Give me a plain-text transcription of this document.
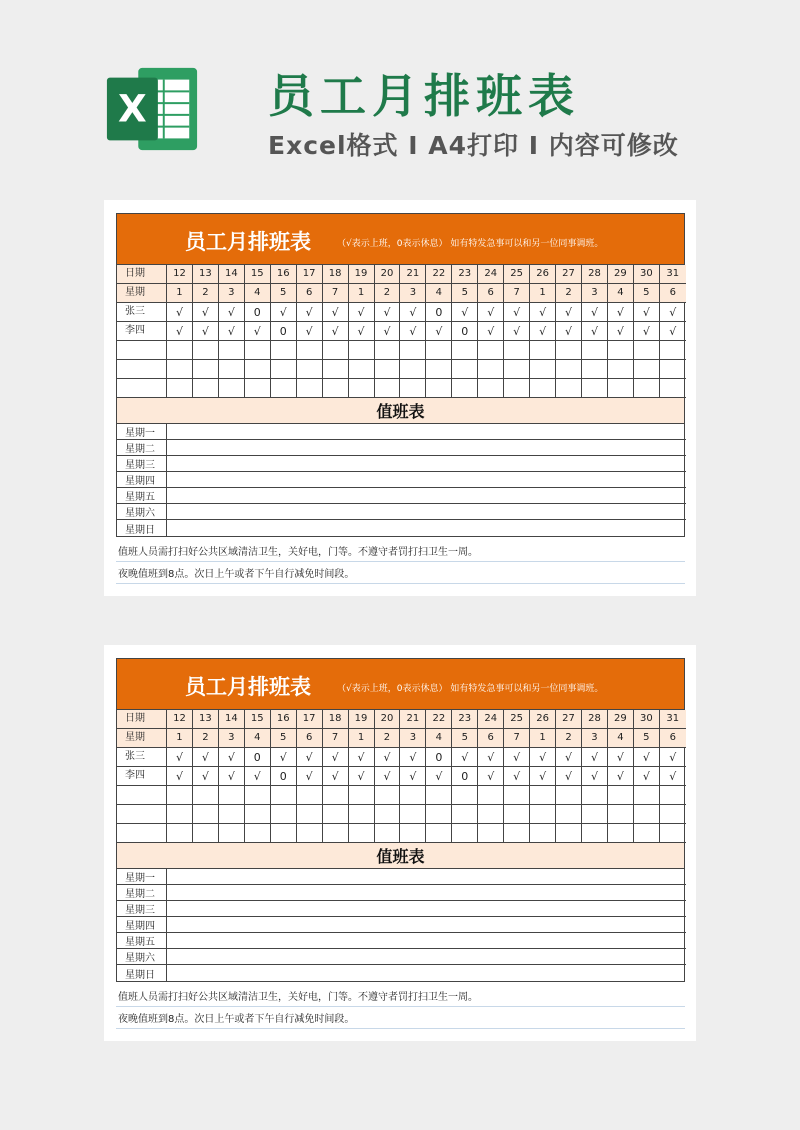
X	员工月排班表
Excel格式 I A4打印 I 内容可修改
员工月排班表	（√表示上班，0表示休息） 如有特发急事可以和另一位同事调班。
日期	12	13	14	15	16	17	18	19	20	21	22	23	24	25	26	27	28	29	30	31
星期	1	2	3	4	5	6	7	1	2	3	4	5	6	7	1	2	3	4	5	6
张三	√	√	√	0	√	√	√	√	√	√	0	√	√	√	√	√	√	√	√	√
李四	√	√	√	√	0	√	√	√	√	√	√	0	√	√	√	√	√	√	√	√
值班表
星期一
星期二
星期三
星期四
星期五
星期六
星期日
值班人员需打扫好公共区域清洁卫生，关好电，门等。不遵守者罚打扫卫生一周。
夜晚值班到8点。次日上午或者下午自行减免时间段。
员工月排班表	（√表示上班，0表示休息） 如有特发急事可以和另一位同事调班。
日期	12	13	14	15	16	17	18	19	20	21	22	23	24	25	26	27	28	29	30	31
星期	1	2	3	4	5	6	7	1	2	3	4	5	6	7	1	2	3	4	5	6
张三	√	√	√	0	√	√	√	√	√	√	0	√	√	√	√	√	√	√	√	√
李四	√	√	√	√	0	√	√	√	√	√	√	0	√	√	√	√	√	√	√	√
值班表
星期一
星期二
星期三
星期四
星期五
星期六
星期日
值班人员需打扫好公共区域清洁卫生，关好电，门等。不遵守者罚打扫卫生一周。
夜晚值班到8点。次日上午或者下午自行减免时间段。
